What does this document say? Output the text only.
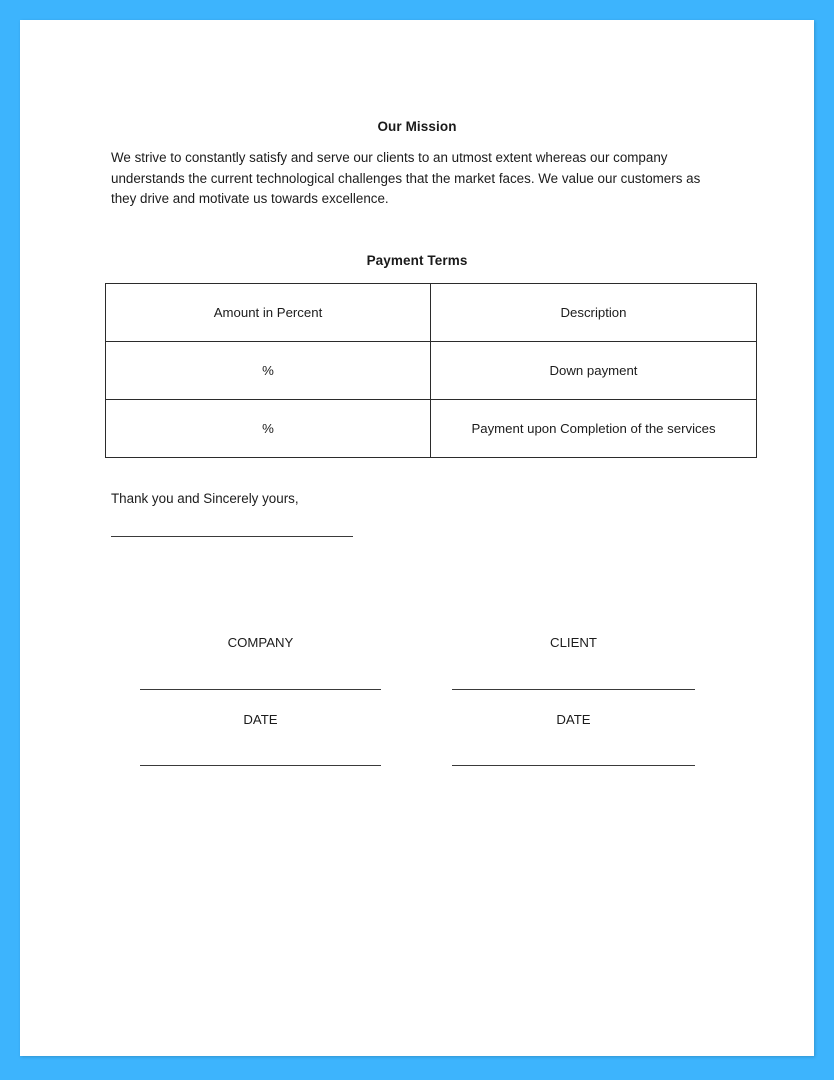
Our Mission
We strive to constantly satisfy and serve our clients to an utmost extent whereas our company understands the current technological challenges that the market faces. We value our customers as they drive and motivate us towards excellence.
Payment Terms
Amount in Percent	Description
%	Down payment
%	Payment upon Completion of the services
Thank you and Sincerely yours,
COMPANY	CLIENT
DATE	DATE
